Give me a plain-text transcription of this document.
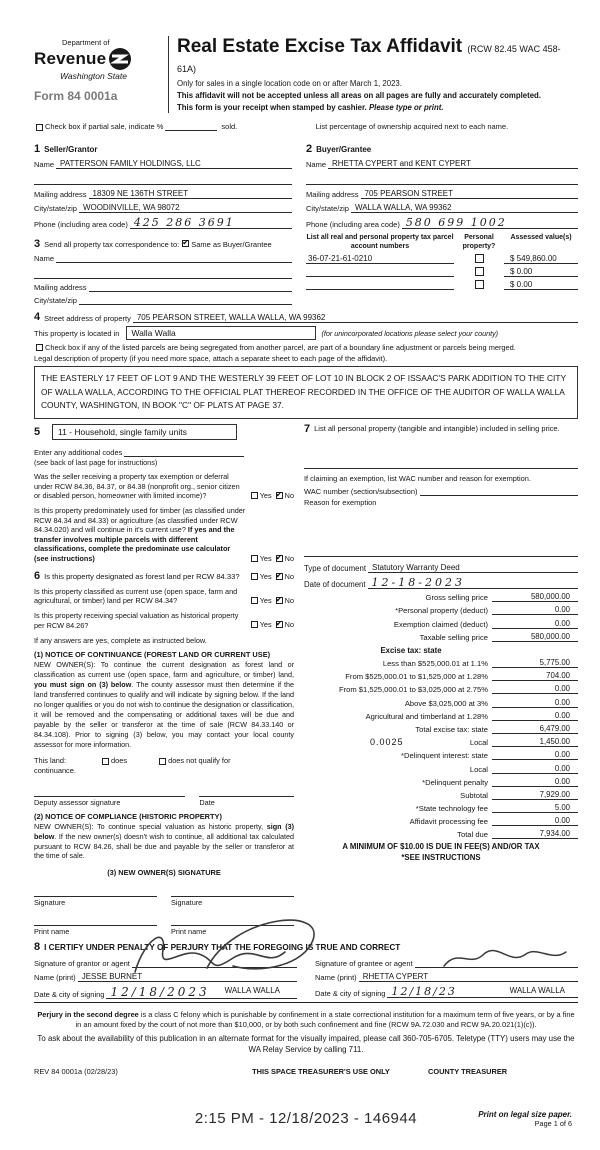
Department of
Revenue
Washington State
Form 84 0001a
Real Estate Excise Tax Affidavit (RCW 82.45 WAC 458-61A)
Only for sales in a single location code on or after March 1, 2023.
This affidavit will not be accepted unless all areas on all pages are fully and accurately completed.
This form is your receipt when stamped by cashier. Please type or print.
Check box if partial sale, indicate %	sold.	List percentage of ownership acquired next to each name.
1 Seller/Grantor
Name PATTERSON FAMILY HOLDINGS, LLC
Mailing address 18309 NE 136TH STREET
City/state/zip WOODINVILLE, WA 98072
Phone (including area code) 425 286 3691
3 Send all property tax correspondence to: ✔ Same as Buyer/Grantee
Name
Mailing address
City/state/zip
2 Buyer/Grantee
Name RHETTA CYPERT and KENT CYPERT
Mailing address 705 PEARSON STREET
City/state/zip WALLA WALLA, WA 99362
Phone (including area code) 580 699 1002
List all real and personal property tax parcel account numbers
Personal property?
Assessed value(s)
36-07-21-61-0210	$ 549,860.00
$ 0.00
$ 0.00
4 Street address of property 705 PEARSON STREET, WALLA WALLA, WA 99362
This property is located in	Walla Walla	(for unincorporated locations please select your county)
Check box if any of the listed parcels are being segregated from another parcel, are part of a boundary line adjustment or parcels being merged.
Legal description of property (if you need more space, attach a separate sheet to each page of the affidavit).
THE EASTERLY 17 FEET OF LOT 9 AND THE WESTERLY 39 FEET OF LOT 10 IN BLOCK 2 OF ISSAAC'S PARK ADDITION TO THE CITY OF WALLA WALLA, ACCORDING TO THE OFFICIAL PLAT THEREOF RECORDED IN THE OFFICE OF THE AUDITOR OF WALLA WALLA COUNTY, WASHINGTON, IN BOOK "C" OF PLATS AT PAGE 37.
5	11 - Household, single family units
Enter any additional codes
(see back of last page for instructions)
Was the seller receiving a property tax exemption or deferral under RCW 84.36, 84.37, or 84.38 (nonprofit org., senior citizen or disabled person, homeowner with limited income)?	Yes ✔ No
Is this property predominately used for timber (as classified under RCW 84.34 and 84.33) or agriculture (as classified under RCW 84.34.020) and will continue in it's current use? If yes and the transfer involves multiple parcels with different classifications, complete the predominate use calculator (see instructions)	Yes ✔ No
6 Is this property designated as forest land per RCW 84.33?	Yes ✔ No
Is this property classified as current use (open space, farm and agricultural, or timber) land per RCW 84.34?	Yes ✔ No
Is this property receiving special valuation as historical property per RCW 84.26?	Yes ✔ No
If any answers are yes, complete as instructed below.
(1) NOTICE OF CONTINUANCE (FOREST LAND OR CURRENT USE)
NEW OWNER(S): To continue the current designation as forest land or classification as current use (open space, farm and agriculture, or timber) land, you must sign on (3) below. The county assessor must then determine if the land transferred continues to qualify and will indicate by signing below. If the land no longer qualifies or you do not wish to continue the designation or classification, it will be removed and the compensating or additional taxes will be due and payable by the seller or transferor at the time of sale (RCW 84.33.140 or 84.34.108). Prior to signing (3) below, you may contact your local county assessor for more information.
This land:	does	does not qualify for
continuance.
Deputy assessor signature	Date
(2) NOTICE OF COMPLIANCE (HISTORIC PROPERTY)
NEW OWNER(S): To continue special valuation as historic property, sign (3) below. If the new owner(s) doesn't wish to continue, all additional tax calculated pursuant to RCW 84.26, shall be due and payable by the seller or transferor at the time of sale.
(3) NEW OWNER(S) SIGNATURE
Signature	Signature
Print name	Print name
7 List all personal property (tangible and intangible) included in selling price.
If claiming an exemption, list WAC number and reason for exemption.
WAC number (section/subsection)
Reason for exemption
Type of document Statutory Warranty Deed
Date of document 12-18-2023
Gross selling price	580,000.00
*Personal property (deduct)	0.00
Exemption claimed (deduct)	0.00
Taxable selling price	580,000.00
Excise tax: state
Less than $525,000.01 at 1.1%	5,775.00
From $525,000.01 to $1,525,000 at 1.28%	704.00
From $1,525,000.01 to $3,025,000 at 2.75%	0.00
Above $3,025,000 at 3%	0.00
Agricultural and timberland at 1.28%	0.00
Total excise tax: state	6,479.00
0.0025	Local	1,450.00
*Delinquent interest: state	0.00
Local	0.00
*Delinquent penalty	0.00
Subtotal	7,929.00
*State technology fee	5.00
Affidavit processing fee	0.00
Total due	7,934.00
A MINIMUM OF $10.00 IS DUE IN FEE(S) AND/OR TAX
*SEE INSTRUCTIONS
8 I CERTIFY UNDER PENALTY OF PERJURY THAT THE FOREGOING IS TRUE AND CORRECT
Signature of grantor or agent
Name (print) JESSE BURNET
Date & city of signing 12/18/2023 WALLA WALLA
Signature of grantee or agent
Name (print) RHETTA CYPERT
Date & city of signing 12/18/23	WALLA WALLA
Perjury in the second degree is a class C felony which is punishable by confinement in a state correctional institution for a maximum term of five years, or by a fine in an amount fixed by the court of not more than $10,000, or by both such confinement and fine (RCW 9A.72.030 and RCW 9A.20.021(1)(c)).
To ask about the availability of this publication in an alternate format for the visually impaired, please call 360-705-6705. Teletype (TTY) users may use the WA Relay Service by calling 711.
REV 84 0001a (02/28/23)	THIS SPACE TREASURER'S USE ONLY	COUNTY TREASURER
2:15 PM - 12/18/2023 - 146944	Print on legal size paper.
Page 1 of 6
